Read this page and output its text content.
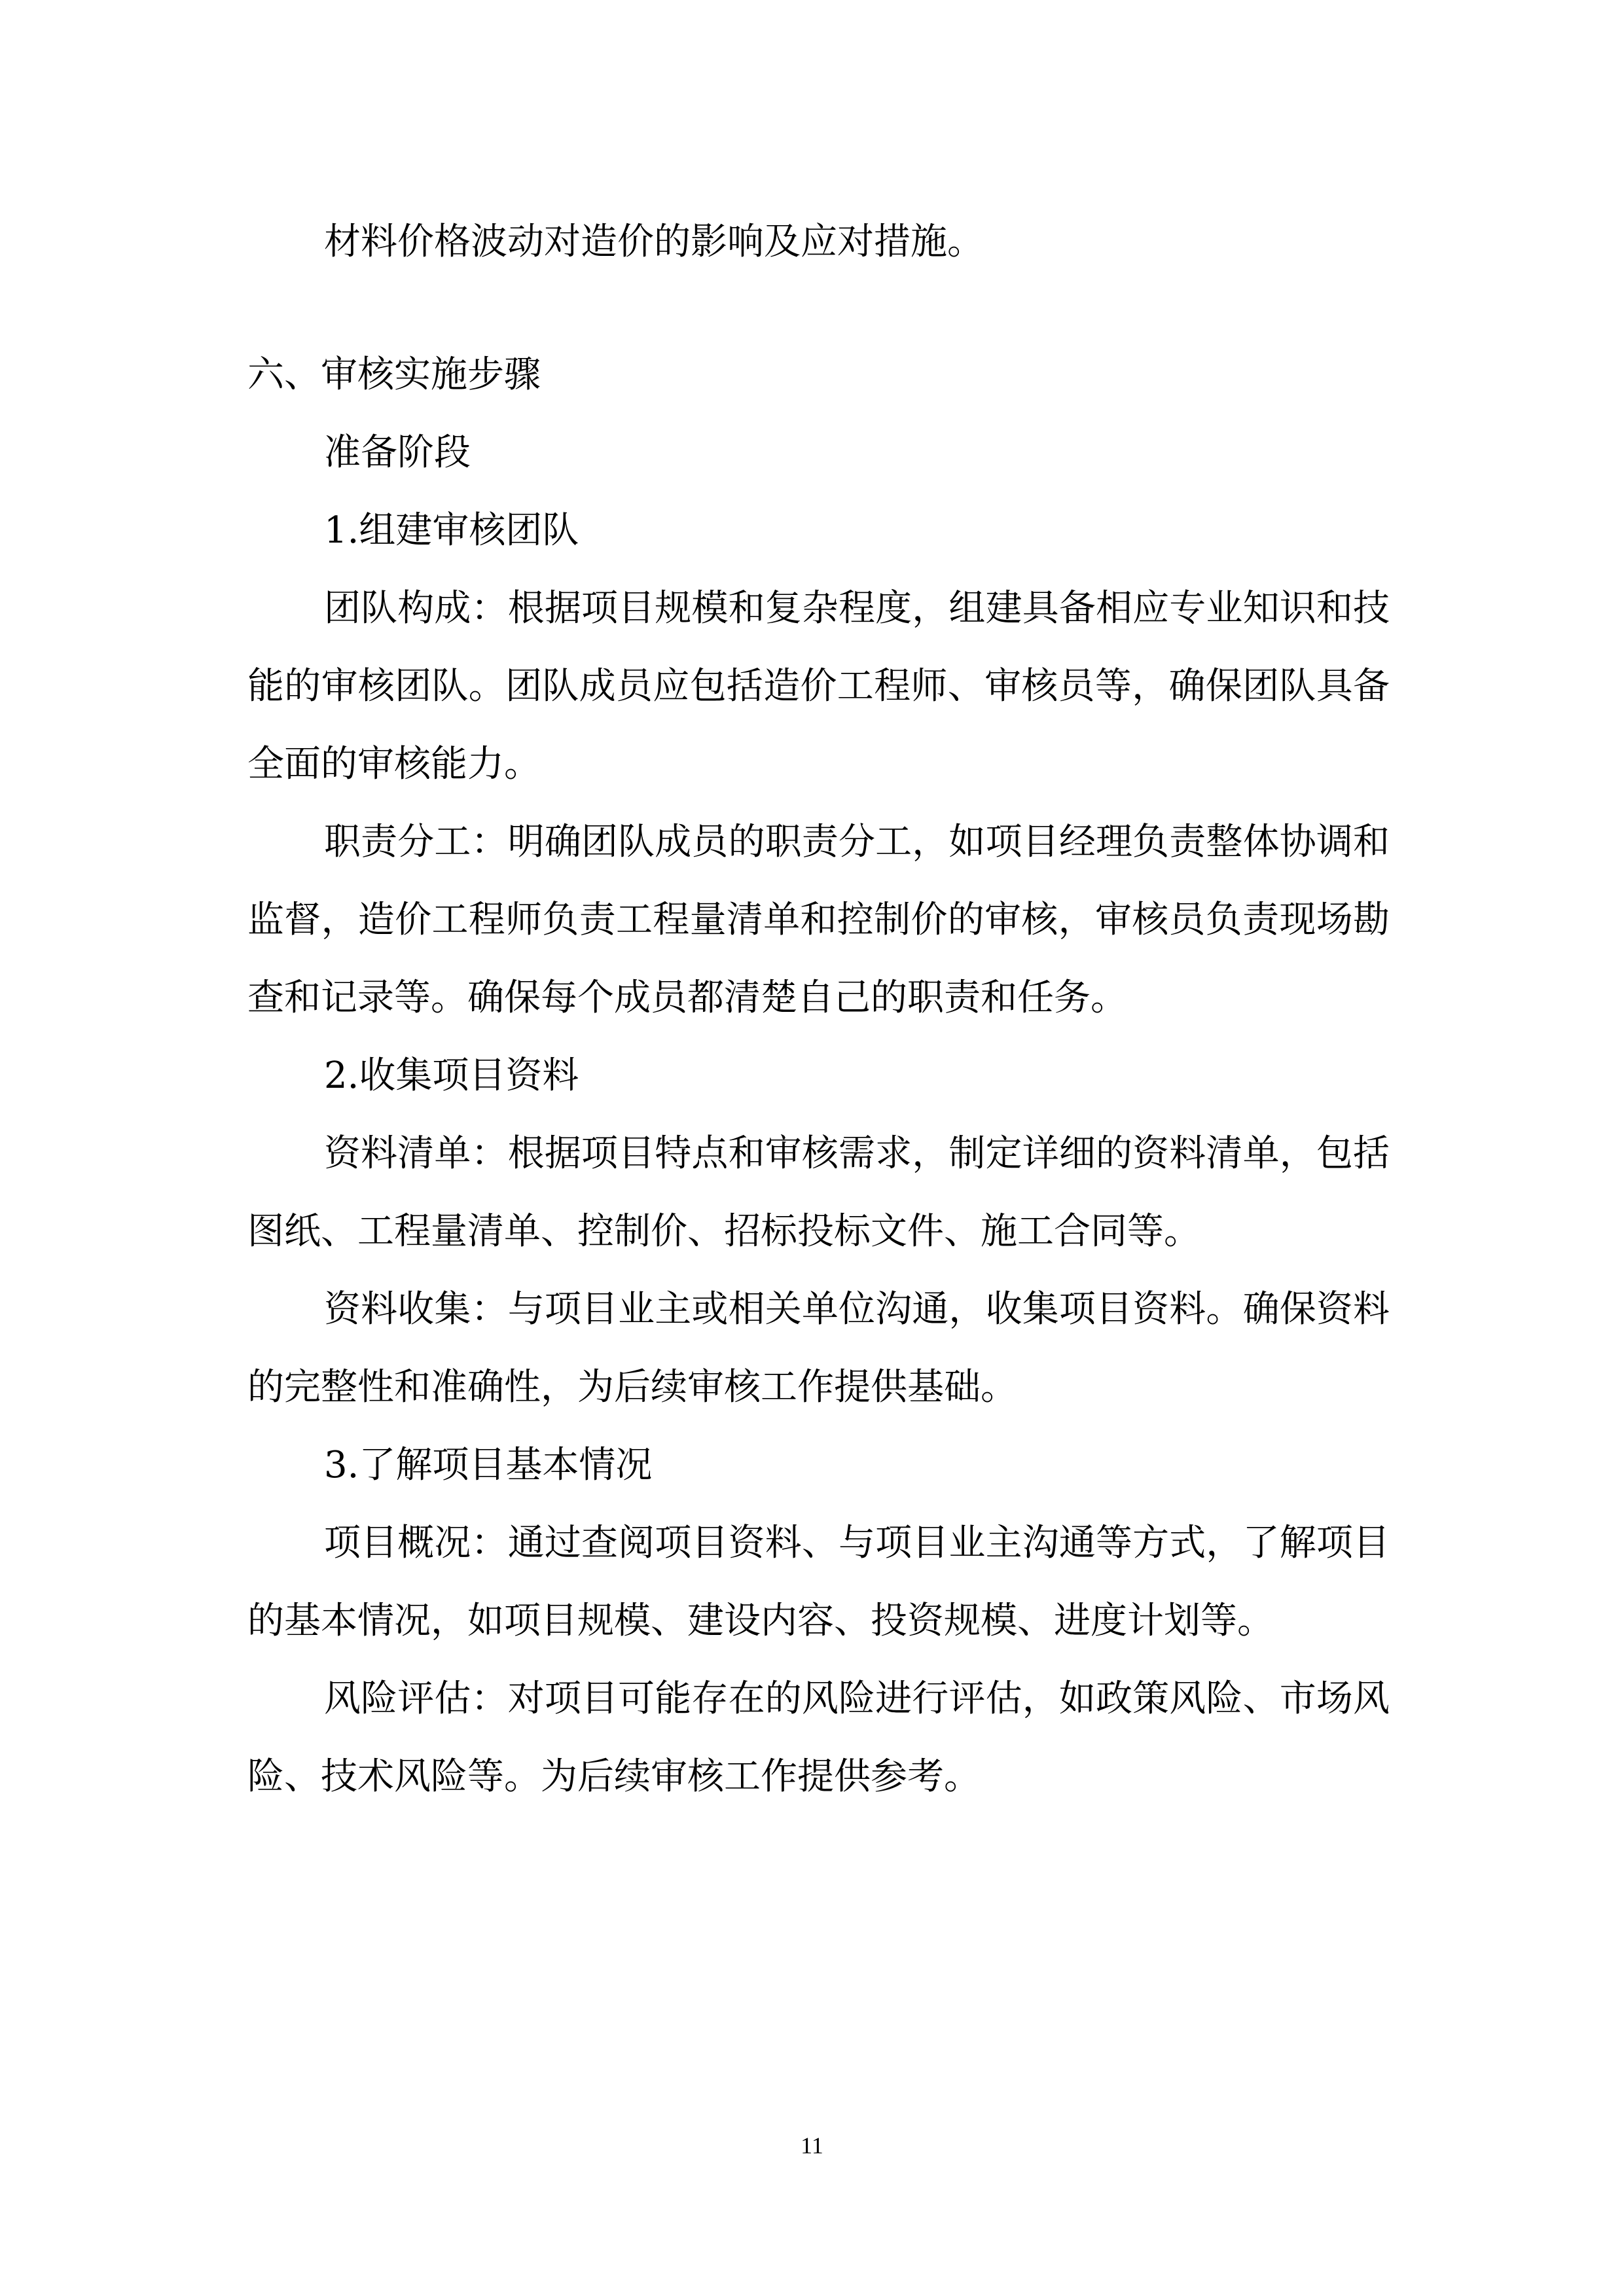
材料价格波动对造价的影响及应对措施。

六、审核实施步骤

准备阶段

1.组建审核团队

团队构成：根据项目规模和复杂程度，组建具备相应专业知识和技能的审核团队。团队成员应包括造价工程师、审核员等，确保团队具备全面的审核能力。

职责分工：明确团队成员的职责分工，如项目经理负责整体协调和监督，造价工程师负责工程量清单和控制价的审核，审核员负责现场勘查和记录等。确保每个成员都清楚自己的职责和任务。

2.收集项目资料

资料清单：根据项目特点和审核需求，制定详细的资料清单，包括图纸、工程量清单、控制价、招标投标文件、施工合同等。

资料收集：与项目业主或相关单位沟通，收集项目资料。确保资料的完整性和准确性，为后续审核工作提供基础。

3.了解项目基本情况

项目概况：通过查阅项目资料、与项目业主沟通等方式，了解项目的基本情况，如项目规模、建设内容、投资规模、进度计划等。

风险评估：对项目可能存在的风险进行评估，如政策风险、市场风险、技术风险等。为后续审核工作提供参考。

11
